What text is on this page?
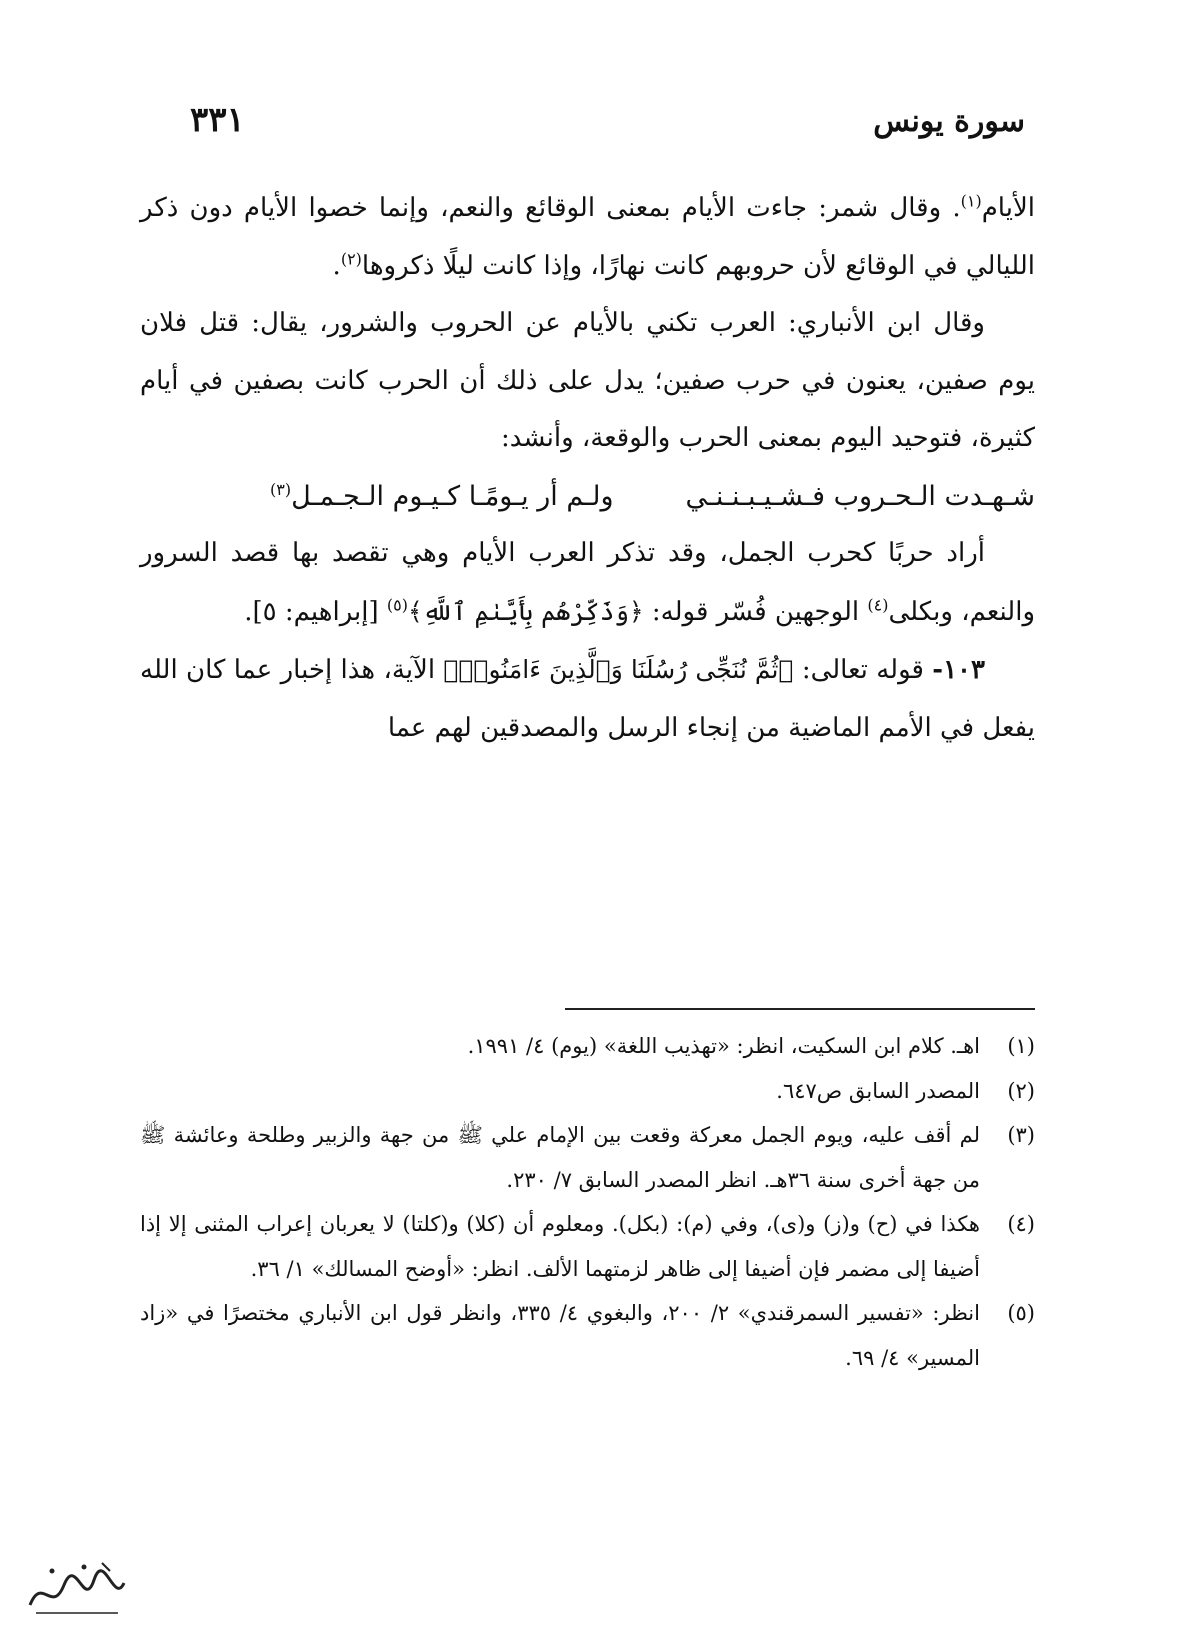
سورة يونس
٣٣١

الأيام$^{(١)}$. وقال شمر: جاءت الأيام بمعنى الوقائع والنعم، وإنما خصوا الأيام دون ذكر الليالي في الوقائع لأن حروبهم كانت نهارًا، وإذا كانت ليلًا ذكروها$^{(٢)}$.

وقال ابن الأنباري: العرب تكني بالأيام عن الحروب والشرور، يقال: قتل فلان يوم صفين، يعنون في حرب صفين؛ يدل على ذلك أن الحرب كانت بصفين في أيام كثيرة، فتوحيد اليوم بمعنى الحرب والوقعة، وأنشد:

شـهـدت الـحـروب فـشـيـبـنـنـي
ولـم أر يـومًـا كـيـوم الـجـمـل$^{(٣)}$

أراد حربًا كحرب الجمل، وقد تذكر العرب الأيام وهي تقصد بها قصد السرور والنعم، وبكلى$^{(٤)}$ الوجهين فُسّر قوله: ﴿وَذَكِّرْهُم بِأَيَّىٰمِ ٱللَّهِ﴾$^{(٥)}$ [إبراهيم: ٥].

١٠٣- قوله تعالى: ﴿ثُمَّ نُنَجِّى رُسُلَنَا وَٱلَّذِينَ ءَامَنُوا۟﴾ الآية، هذا إخبار عما كان الله يفعل في الأمم الماضية من إنجاء الرسل والمصدقين لهم عما

(١)
اهـ. كلام ابن السكيت، انظر: «تهذيب اللغة» (يوم) ٤/ ١٩٩١.
(٢)
المصدر السابق ص٦٤٧.
(٣)
لم أقف عليه، ويوم الجمل معركة وقعت بين الإمام علي ﷺ من جهة والزبير وطلحة وعائشة ﷺ من جهة أخرى سنة ٣٦هـ. انظر المصدر السابق ٧/ ٢٣٠.
(٤)
هكذا في (ح) و(ز) و(ى)، وفي (م): (بكل). ومعلوم أن (كلا) و(كلتا) لا يعربان إعراب المثنى إلا إذا أضيفا إلى مضمر فإن أضيفا إلى ظاهر لزمتهما الألف. انظر: «أوضح المسالك» ١/ ٣٦.
(٥)
انظر: «تفسير السمرقندي» ٢/ ٢٠٠، والبغوي ٤/ ٣٣٥، وانظر قول ابن الأنباري مختصرًا في «زاد المسير» ٤/ ٦٩.
